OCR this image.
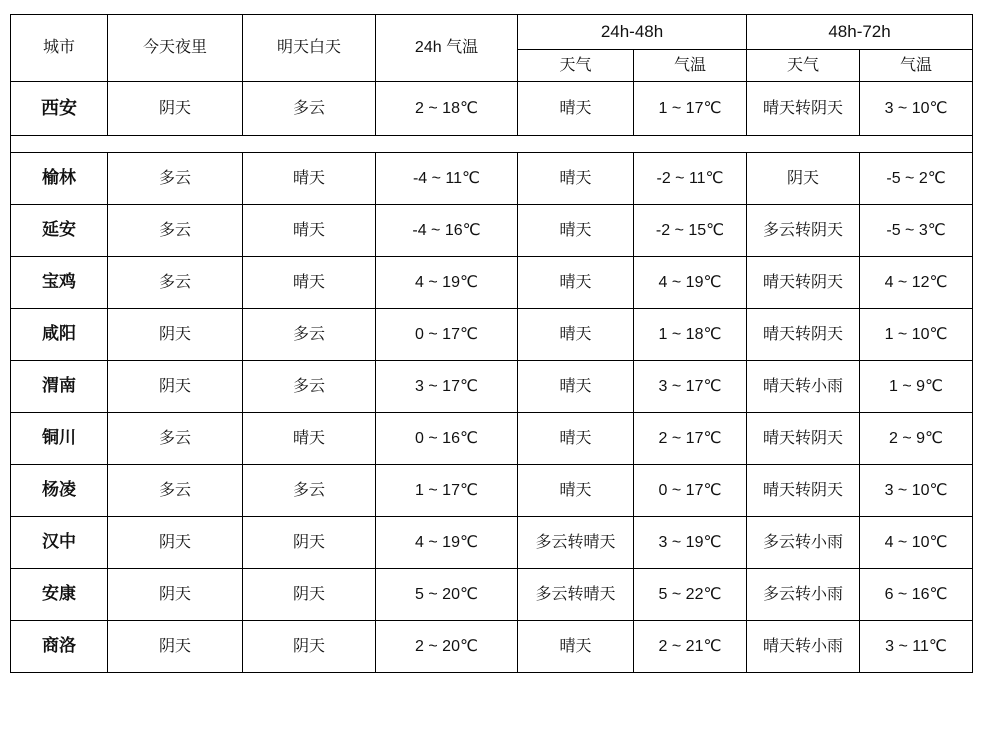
城市	今天夜里	明天白天	24h 气温	24h-48h		48h-72h	
				天气	气温	天气	气温
西安	阴天	多云	2 ~ 18℃	晴天	1 ~ 17℃	晴天转阴天	3 ~ 10℃

榆林	多云	晴天	-4 ~ 11℃	晴天	-2 ~ 11℃	阴天	-5 ~ 2℃
延安	多云	晴天	-4 ~ 16℃	晴天	-2 ~ 15℃	多云转阴天	-5 ~ 3℃
宝鸡	多云	晴天	4 ~ 19℃	晴天	4 ~ 19℃	晴天转阴天	4 ~ 12℃
咸阳	阴天	多云	0 ~ 17℃	晴天	1 ~ 18℃	晴天转阴天	1 ~ 10℃
渭南	阴天	多云	3 ~ 17℃	晴天	3 ~ 17℃	晴天转小雨	1 ~ 9℃
铜川	多云	晴天	0 ~ 16℃	晴天	2 ~ 17℃	晴天转阴天	2 ~ 9℃
杨凌	多云	多云	1 ~ 17℃	晴天	0 ~ 17℃	晴天转阴天	3 ~ 10℃
汉中	阴天	阴天	4 ~ 19℃	多云转晴天	3 ~ 19℃	多云转小雨	4 ~ 10℃
安康	阴天	阴天	5 ~ 20℃	多云转晴天	5 ~ 22℃	多云转小雨	6 ~ 16℃
商洛	阴天	阴天	2 ~ 20℃	晴天	2 ~ 21℃	晴天转小雨	3 ~ 11℃
